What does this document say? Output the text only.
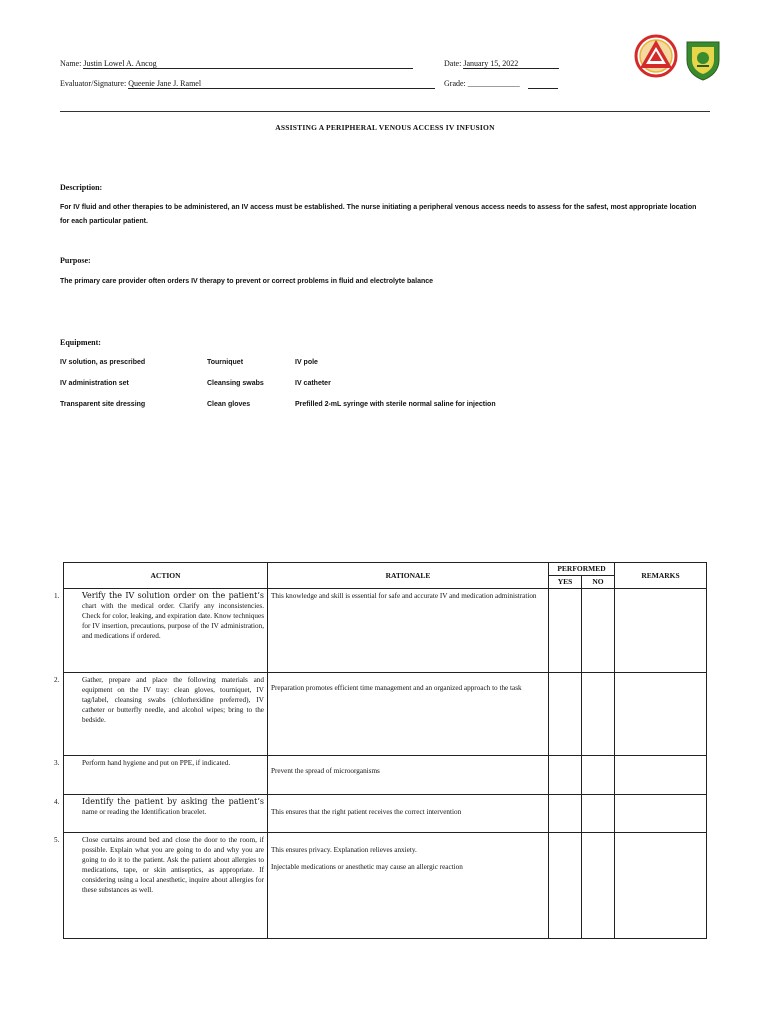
Name: Justin Lowel A. Ancog	Date: January 15, 2022
Evaluator/Signature: Queenie Jane J. Ramel	Grade: _____________
ASSISTING A PERIPHERAL VENOUS ACCESS IV INFUSION
Description:
For IV fluid and other therapies to be administered, an IV access must be established. The nurse initiating a peripheral venous access needs to assess for the safest, most appropriate location for each particular patient.
Purpose:
The primary care provider often orders IV therapy to prevent or correct problems in fluid and electrolyte balance
Equipment:
IV solution, as prescribed	Tourniquet	IV pole
IV administration set	Cleansing swabs	IV catheter
Transparent site dressing	Clean gloves	Prefilled 2-mL syringe with sterile normal saline for injection
ACTION	RATIONALE	PERFORMED		REMARKS
		YES	NO	
1. Verify the IV solution order on the patient’s chart with the medical order. Clarify any inconsistencies. Check for color, leaking, and expiration date. Know techniques for IV insertion, precautions, purpose of the IV administration, and medications if ordered.	This knowledge and skill is essential for safe and accurate IV and medication administration			
2. Gather, prepare and place the following materials and equipment on the IV tray: clean gloves, tourniquet, IV tag/label, cleansing swabs (chlorhexidine preferred), IV catheter or butterfly needle, and alcohol wipes; bring to the bedside.	Preparation promotes efficient time management and an organized approach to the task			
3. Perform hand hygiene and put on PPE, if indicated.	Prevent the spread of microorganisms			
4. Identify the patient by asking the patient’s name or reading the Identification bracelet.	This ensures that the right patient receives the correct intervention			
5. Close curtains around bed and close the door to the room, if possible. Explain what you are going to do and why you are going to do it to the patient. Ask the patient about allergies to medications, tape, or skin antiseptics, as appropriate. If considering using a local anesthetic, inquire about allergies for these substances as well.	This ensures privacy. Explanation relieves anxiety.
Injectable medications or anesthetic may cause an allergic reaction			
